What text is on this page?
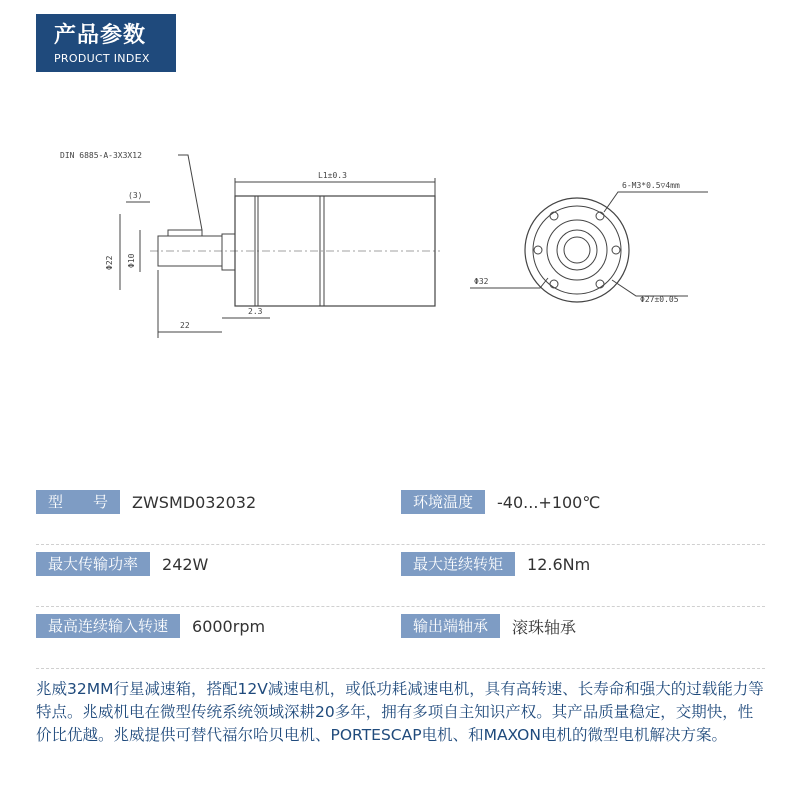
产品参数
PRODUCT INDEX
DIN 6885-A-3X3X12
L1±0.3
(3)
Φ22 Φ10
22
2.3
6-M3*0.5▽4mm
Φ32
Φ27±0.05
型　　号	ZWSMD032032	环境温度	-40...+100℃
最大传输功率	242W	最大连续转矩	12.6Nm
最高连续输入转速	6000rpm	输出端轴承	滚珠轴承
兆威32MM行星减速箱，搭配12V减速电机，或低功耗减速电机，具有高转速、长寿命和强大的过载能力等特点。兆威机电在微型传统系统领域深耕20多年，拥有多项自主知识产权。其产品质量稳定，交期快，性价比优越。兆威提供可替代福尔哈贝电机、PORTESCAP电机、和MAXON电机的微型电机解决方案。
